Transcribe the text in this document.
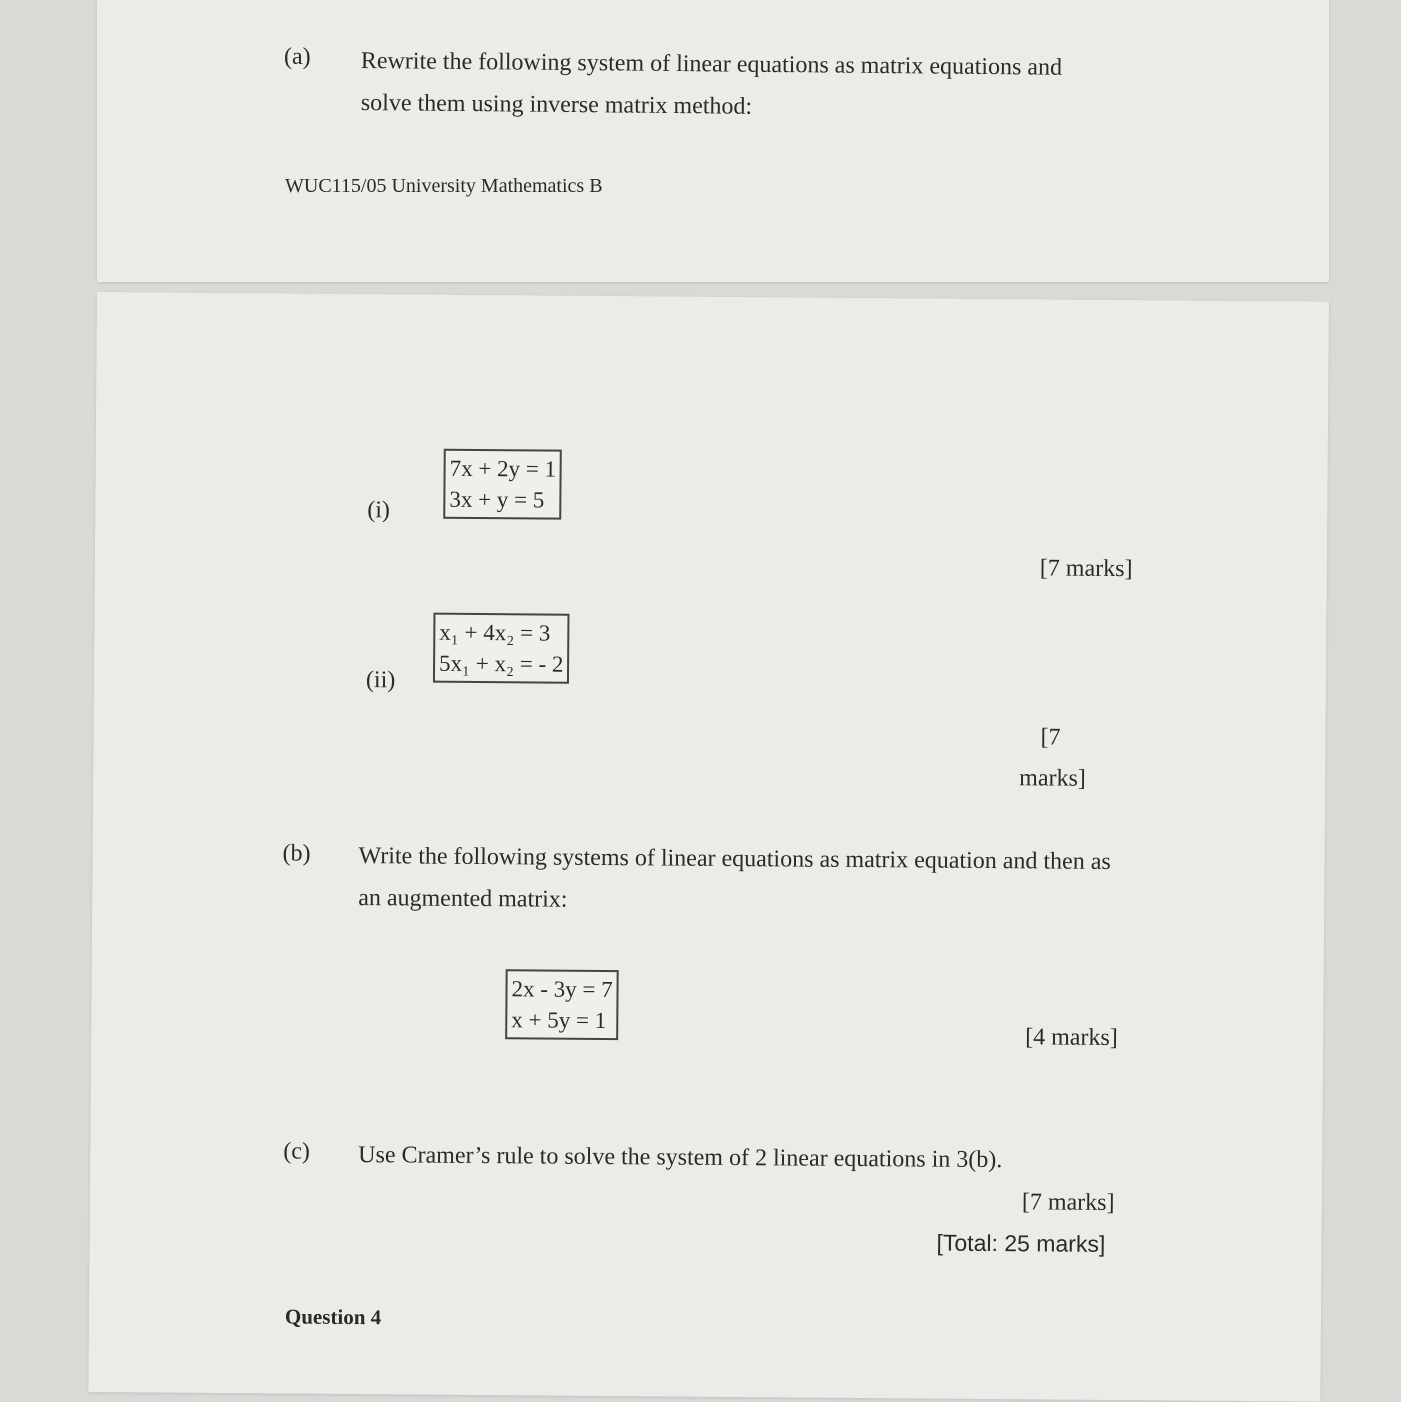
(a) Rewrite the following system of linear equations as matrix equations and
solve them using inverse matrix method:
WUC115/05 University Mathematics B
(i)
7x + 2y = 1
3x + y = 5
[7 marks]
(ii)
x₁ + 4x₂ = 3
5x₁ + x₂ = - 2
[7
marks]
(b) Write the following systems of linear equations as matrix equation and then as
an augmented matrix:
2x - 3y = 7
x + 5y = 1
[4 marks]
(c) Use Cramer’s rule to solve the system of 2 linear equations in 3(b).
[7 marks]
[Total: 25 marks]
Question 4
